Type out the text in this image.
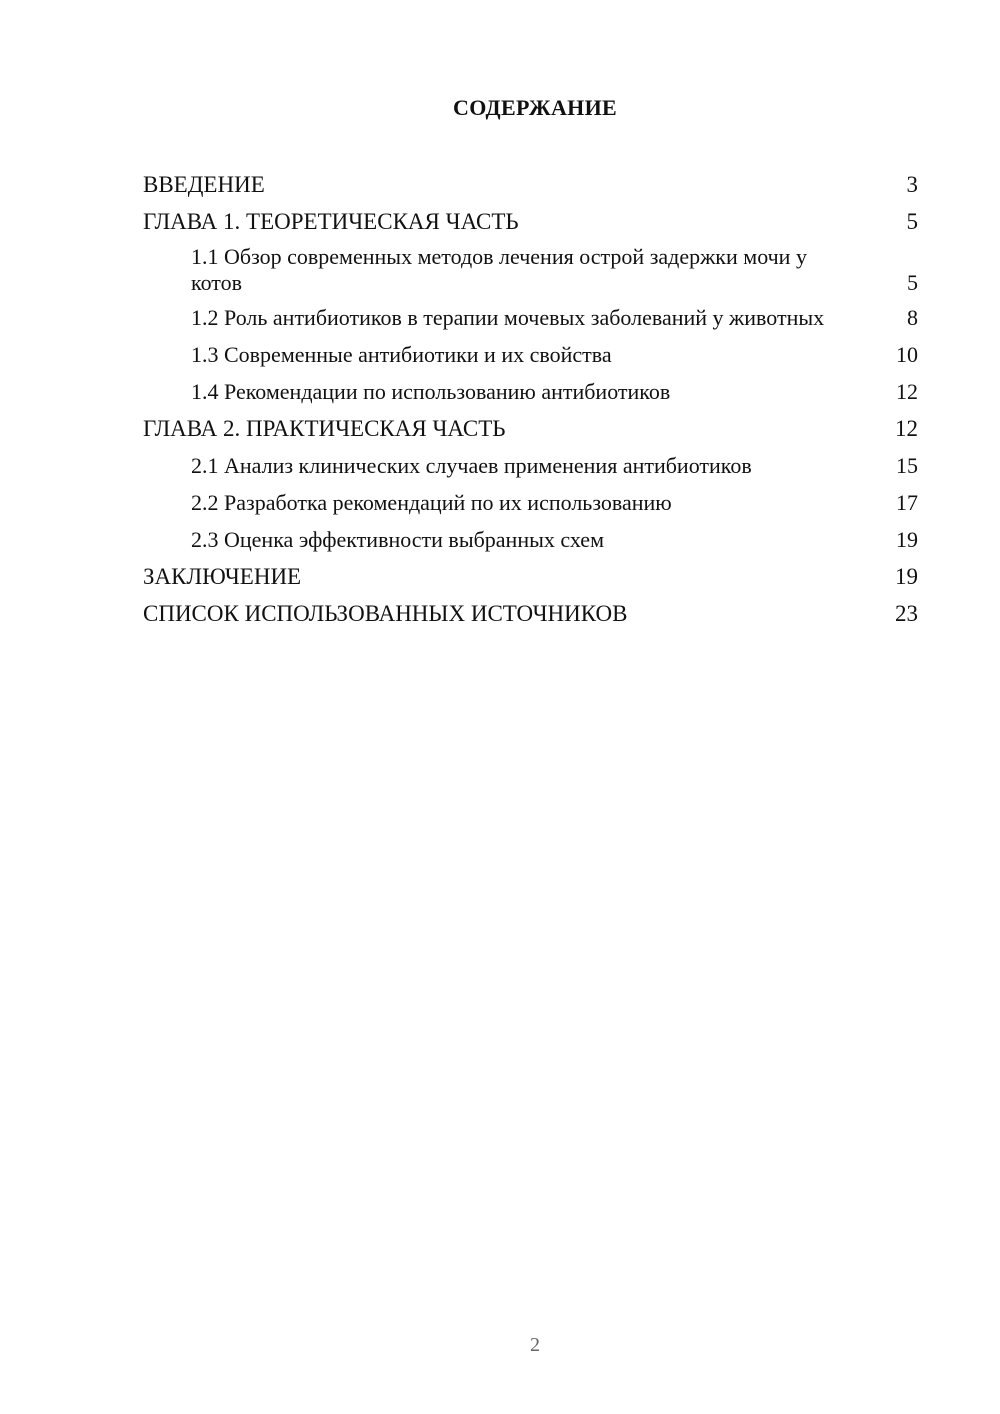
СОДЕРЖАНИЕ
ВВЕДЕНИЕ	3
ГЛАВА 1. ТЕОРЕТИЧЕСКАЯ ЧАСТЬ	5
1.1 Обзор современных методов лечения острой задержки мочи у котов	5
1.2 Роль антибиотиков в терапии мочевых заболеваний у животных	8
1.3 Современные антибиотики и их свойства	10
1.4 Рекомендации по использованию антибиотиков	12
ГЛАВА 2. ПРАКТИЧЕСКАЯ ЧАСТЬ	12
2.1 Анализ клинических случаев применения антибиотиков	15
2.2 Разработка рекомендаций по их использованию	17
2.3 Оценка эффективности выбранных схем	19
ЗАКЛЮЧЕНИЕ	19
СПИСОК ИСПОЛЬЗОВАННЫХ ИСТОЧНИКОВ	23
2
